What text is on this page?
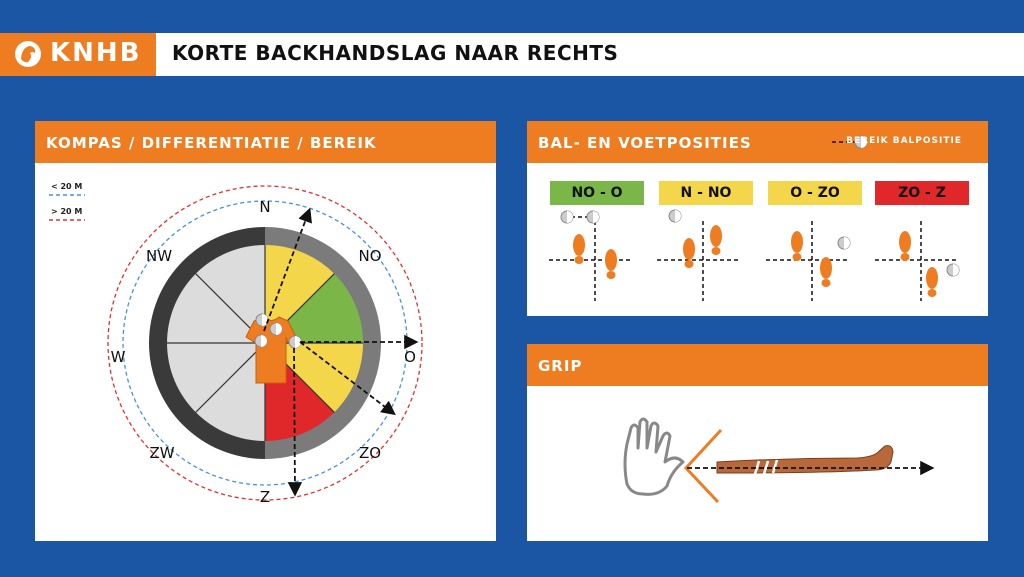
KNHB KORTE BACKHANDSLAG NAAR RECHTS
KOMPAS / DIFFERENTIATIE / BEREIK
< 20 M
> 20 M	N
NO
O
ZO
Z
ZW
W
NW
BAL- EN VOETPOSITIES	BEREIK BALPOSITIE
NO - O	N - NO	O - ZO	ZO - Z
GRIP
